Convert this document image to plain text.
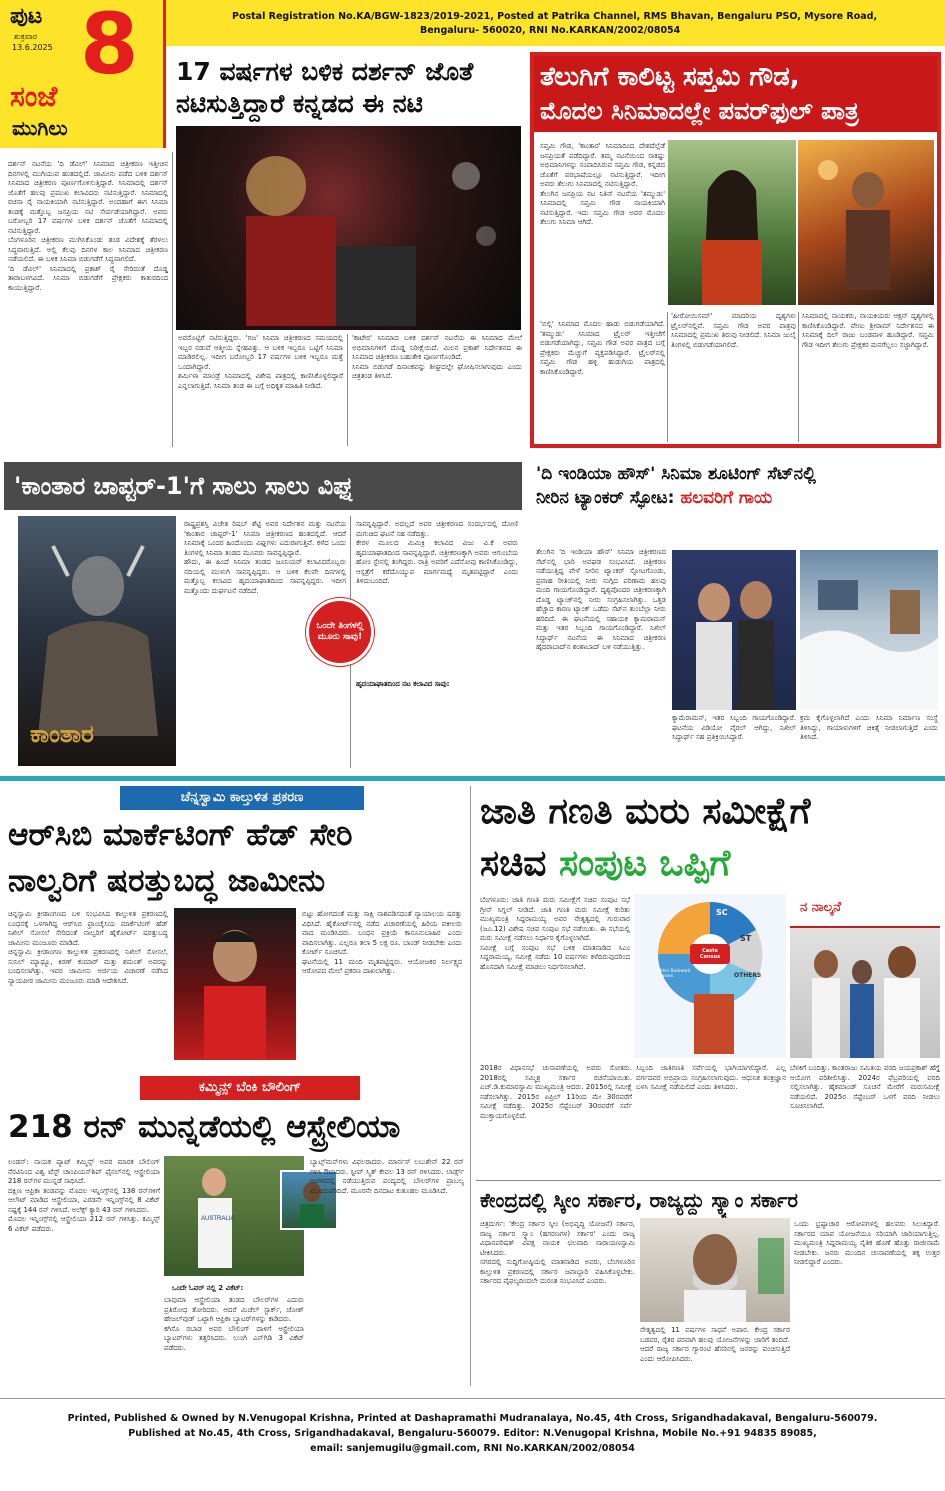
ಪುಟ
ಶುಕ್ರವಾರ
13.6.2025 8
ಸಂಜೆ
ಮುಗಿಲು
Postal Registration No.KA/BGW-1823/2019-2021, Posted at Patrika Channel, RMS Bhavan, Bengaluru PSO, Mysore Road,
Bengaluru- 560020, RNI No.KARKAN/2002/08054
17 ವರ್ಷಗಳ ಬಳಿಕ ದರ್ಶನ್ ಜೊತೆ
ನಟಿಸುತ್ತಿದ್ದಾರೆ ಕನ್ನಡದ ಈ ನಟಿ
ದರ್ಶನ್ ನಟನೆಯ 'ದಿ ಡೆವಿಲ್' ಸಿನಿಮಾದ ಚಿತ್ರೀಕರಣ ಇತ್ತೀಚಿನ ದಿನಗಳಲ್ಲಿ ಮುಗಿಯುವ ಹಂತದಲ್ಲಿದೆ. ಜಾಮೀನು ಪಡೆದ ಬಳಿಕ ದರ್ಶನ್ ಸಿನಿಮಾದ ಚಿತ್ರೀಕರಣ ಪೂರ್ಣಗೊಳಿಸುತ್ತಿದ್ದಾರೆ. ಸಿನಿಮಾದಲ್ಲಿ ದರ್ಶನ್ ಜೊತೆಗೆ ಹಲವು ಪ್ರಮುಖ ಕಲಾವಿದರು ನಟಿಸುತ್ತಿದ್ದಾರೆ. ಸಿನಿಮಾದಲ್ಲಿ ರಚನಾ ರೈ ನಾಯಕಿಯಾಗಿ ನಟಿಸುತ್ತಿದ್ದಾರೆ. ಅಂದಹಾಗೆ ಈಗ ಸಿನಿಮಾ ತಂಡಕ್ಕೆ ಮತ್ತೊಬ್ಬ ಜನಪ್ರಿಯ ನಟಿ ಸೇರ್ಪಡೆಯಾಗಿದ್ದಾರೆ. ಅವರು ಬರೋಬ್ಬರಿ 17 ವರ್ಷಗಳ ಬಳಿಕ ದರ್ಶನ್ ಜೊತೆಗೆ ಸಿನಿಮಾದಲ್ಲಿ ನಟಿಸುತ್ತಿದ್ದಾರೆ.
ಬೆಂಗಳೂರಿನ ಚಿತ್ರೀಕರಣ ಮುಗಿಸಿಕೊಂಡು ತಂಡ ವಿದೇಶಕ್ಕೆ ತೆರಳಲು ಸಿದ್ಧವಾಗುತ್ತಿದೆ. ಅಲ್ಲಿ ಕೆಲವು ದಿನಗಳ ಕಾಲ ಸಿನಿಮಾದ ಚಿತ್ರೀಕರಣ ನಡೆಯಲಿದೆ. ಈ ಬಳಿಕ ಸಿನಿಮಾ ಬಿಡುಗಡೆಗೆ ಸಿದ್ಧವಾಗಲಿದೆ.
'ದಿ ಡೆವಿಲ್' ಸಿನಿಮಾದಲ್ಲಿ ಪ್ರಕಾಶ್ ರೈ ಸೇರಿದಂತೆ ದೊಡ್ಡ ತಾರಾಬಳಗವಿದೆ. ಸಿನಿಮಾ ಬಿಡುಗಡೆಗೆ ಪ್ರೇಕ್ಷಕರು ಕಾತುರದಿಂದ ಕಾಯುತ್ತಿದ್ದಾರೆ.
ಅವರೊಟ್ಟಿಗೆ ನಟಿಸುತ್ತಿದ್ದರು. 'ಗಜ' ಸಿನಿಮಾ ಚಿತ್ರೀಕರಣದ ಸಮಯದಲ್ಲಿ ಇಬ್ಬರ ನಡುವೆ ಆತ್ಮೀಯ ಸ್ನೇಹವಿತ್ತು. ಆ ಬಳಿಕ ಇಬ್ಬರೂ ಒಟ್ಟಿಗೆ ಸಿನಿಮಾ ಮಾಡಿರಲಿಲ್ಲ. ಇದೀಗ ಬರೋಬ್ಬರಿ 17 ವರ್ಷಗಳ ಬಳಿಕ ಇಬ್ಬರೂ ಮತ್ತೆ ಒಂದಾಗಿದ್ದಾರೆ.
ಶರ್ಮಿಳಾ ಮಾಂಡ್ರೆ ಸಿನಿಮಾದಲ್ಲಿ ವಿಶೇಷ ಪಾತ್ರದಲ್ಲಿ ಕಾಣಿಸಿಕೊಳ್ಳಲಿದ್ದಾರೆ ಎನ್ನಲಾಗುತ್ತಿದೆ. ಸಿನಿಮಾ ತಂಡ ಈ ಬಗ್ಗೆ ಅಧಿಕೃತ ಮಾಹಿತಿ ನೀಡಿದೆ.
'ಕಾಟೇರ' ಸಿನಿಮಾದ ಬಳಿಕ ದರ್ಶನ್ ನಟನೆಯ ಈ ಸಿನಿಮಾದ ಮೇಲೆ ಅಭಿಮಾನಿಗಳಿಗೆ ದೊಡ್ಡ ನಿರೀಕ್ಷೆಯಿದೆ. ಮಿಲನ ಪ್ರಕಾಶ್ ನಿರ್ದೇಶನದ ಈ ಸಿನಿಮಾದ ಚಿತ್ರೀಕರಣ ಬಹುತೇಕ ಪೂರ್ಣಗೊಂಡಿದೆ.
ಸಿನಿಮಾ ಬಿಡುಗಡೆ ದಿನಾಂಕವನ್ನು ಶೀಘ್ರದಲ್ಲೇ ಘೋಷಿಸಲಾಗುವುದು ಎಂದು ಚಿತ್ರತಂಡ ತಿಳಿಸಿದೆ.
ತೆಲುಗಿಗೆ ಕಾಲಿಟ್ಟ ಸಪ್ತಮಿ ಗೌಡ,
ಮೊದಲ ಸಿನಿಮಾದಲ್ಲೇ ಪವರ್‌ಫುಲ್ ಪಾತ್ರ
ಸಪ್ತಮಿ ಗೌಡ, 'ಕಾಂತಾರ' ಸಿನಿಮಾದಿಂದ ದೇಶದೆಲ್ಲೆಡೆ ಜನಪ್ರಿಯತೆ ಪಡೆದಿದ್ದಾರೆ. ತಮ್ಮ ನಟನೆಯಿಂದ ಸಾಕಷ್ಟು ಅಭಿಮಾನಿಗಳನ್ನು ಸಂಪಾದಿಸಿರುವ ಸಪ್ತಮಿ ಗೌಡ, ಕನ್ನಡದ ಜೊತೆಗೆ ಪರಭಾಷೆಯಲ್ಲೂ ನಟಿಸುತ್ತಿದ್ದಾರೆ. ಇದೀಗ ಅವರು ತೆಲುಗು ಸಿನಿಮಾದಲ್ಲಿ ನಟಿಸುತ್ತಿದ್ದಾರೆ.
ತೆಲುಗಿನ ಜನಪ್ರಿಯ ನಟ ನಿತಿನ್ ನಟನೆಯ 'ತಮ್ಮುಡು' ಸಿನಿಮಾದಲ್ಲಿ ಸಪ್ತಮಿ ಗೌಡ ನಾಯಕಿಯಾಗಿ ನಟಿಸುತ್ತಿದ್ದಾರೆ. ಇದು ಸಪ್ತಮಿ ಗೌಡ ಅವರ ಮೊದಲ ತೆಲುಗು ಸಿನಿಮಾ ಆಗಿದೆ.
'ಬಿಲ್ಲಿ' ಸಿನಿಮಾದ ಮೊದಲ ಹಾಡು ಬಿಡುಗಡೆಯಾಗಿದೆ. 'ತಮ್ಮುಡು' ಸಿನಿಮಾದ ಟ್ರೈಲರ್ ಇತ್ತೀಚೆಗೆ ಬಿಡುಗಡೆಯಾಗಿದ್ದು, ಸಪ್ತಮಿ ಗೌಡ ಅವರ ಪಾತ್ರದ ಬಗ್ಗೆ ಪ್ರೇಕ್ಷಕರು ಮೆಚ್ಚುಗೆ ವ್ಯಕ್ತಪಡಿಸಿದ್ದಾರೆ. ಟ್ರೈಲರ್‌ನಲ್ಲಿ ಸಪ್ತಮಿ ಗೌಡ ಹಳ್ಳಿ ಹುಡುಗಿಯ ಪಾತ್ರದಲ್ಲಿ ಕಾಣಿಸಿಕೊಂಡಿದ್ದಾರೆ.
'ಹೀರೋಯಿಸಮ್' ಮಾದರಿಯ ದೃಶ್ಯಗಳು ಟ್ರೈಲರ್‌ನಲ್ಲಿವೆ. ಸಪ್ತಮಿ ಗೌಡ ಅವರ ಪಾತ್ರವು ಸಿನಿಮಾದಲ್ಲಿ ಪ್ರಮುಖ ತಿರುವು ನೀಡಲಿದೆ. ಸಿನಿಮಾ ಜುಲೈ ತಿಂಗಳಲ್ಲಿ ಬಿಡುಗಡೆಯಾಗಲಿದೆ.
ಸಿನಿಮಾದಲ್ಲಿ ನಾಯಕರು, ನಾಯಕಿಯರು ಆಕ್ಷನ್ ದೃಶ್ಯಗಳಲ್ಲಿ ಕಾಣಿಸಿಕೊಂಡಿದ್ದಾರೆ. ವೇಣು ಶ್ರೀರಾಮ್ ನಿರ್ದೇಶನದ ಈ ಸಿನಿಮಾಕ್ಕೆ ದಿಲ್ ರಾಜು ಬಂಡವಾಳ ಹೂಡಿದ್ದಾರೆ. ಸಪ್ತಮಿ ಗೌಡ ಇದೀಗ ತೆಲುಗು ಪ್ರೇಕ್ಷಕರ ಮನಗೆಲ್ಲಲು ಸಜ್ಜಾಗಿದ್ದಾರೆ.
'ಕಾಂತಾರ ಚಾಪ್ಟರ್-1'ಗೆ ಸಾಲು ಸಾಲು ವಿಘ್ನ
ಕಾಂತಾರ
ರಾಷ್ಟ್ರಪ್ರಶಸ್ತಿ ವಿಜೇತ ರಿಷಬ್ ಶೆಟ್ಟಿ ಅವರ ನಿರ್ದೇಶನ ಮತ್ತು ನಟನೆಯ 'ಕಾಂತಾರ ಚಾಪ್ಟರ್-1' ಸಿನಿಮಾ ಚಿತ್ರೀಕರಣದ ಹಂತದಲ್ಲಿದೆ. ಆದರೆ ಸಿನಿಮಾಕ್ಕೆ ಒಂದರ ಹಿಂದೊಂದು ವಿಘ್ನಗಳು ಎದುರಾಗುತ್ತಿವೆ. ಕಳೆದ ಒಂದು ತಿಂಗಳಲ್ಲಿ ಸಿನಿಮಾ ತಂಡದ ಮೂವರು ಸಾವನ್ನಪ್ಪಿದ್ದಾರೆ.
ಹೌದು, ಈ ಹಿಂದೆ ಸಿನಿಮಾ ತಂಡದ ಜೂನಿಯರ್ ಕಲಾವಿದರೊಬ್ಬರು ನದಿಯಲ್ಲಿ ಮುಳುಗಿ ಸಾವನ್ನಪ್ಪಿದ್ದರು. ಆ ಬಳಿಕ ಕೆಲವೇ ದಿನಗಳಲ್ಲಿ ಮತ್ತೊಬ್ಬ ಕಲಾವಿದ ಹೃದಯಾಘಾತದಿಂದ ಸಾವನ್ನಪ್ಪಿದ್ದರು. ಇದೀಗ ಮತ್ತೊಂದು ದುರ್ಘಟನೆ ನಡೆದಿದೆ.
ಒಂದೇ ತಿಂಗಳಲ್ಲಿ ಮೂರು ಸಾವು!
ಸಾವನ್ನಪ್ಪಿದ್ದಾರೆ. ಅದಲ್ಲದೆ ಅವರ ಚಿತ್ರೀಕರಣದ ಸಂದರ್ಭದಲ್ಲಿ ದೋಣಿ ಮಗುಚಿದ ಘಟನೆ ಸಹ ನಡೆದಿತ್ತು.
ಕೇರಳ ಮೂಲದ ಮಿಮಿಕ್ರಿ ಕಲಾವಿದ ವಿಜು ವಿ.ಕೆ ಅವರು ಹೃದಯಾಘಾತದಿಂದ ಸಾವನ್ನಪ್ಪಿದ್ದಾರೆ. ಚಿತ್ರೀಕರಣಕ್ಕಾಗಿ ಅವರು ಆಗುಂಬೆಯ ಹೋಂ ಸ್ಟೇನಲ್ಲಿ ತಂಗಿದ್ದರು. ರಾತ್ರಿ ಅವರಿಗೆ ಎದೆನೋವು ಕಾಣಿಸಿಕೊಂಡಿದ್ದು, ಆಸ್ಪತ್ರೆಗೆ ಕರೆದೊಯ್ಯುವ ಮಾರ್ಗಮಧ್ಯೆ ಮೃತಪಟ್ಟಿದ್ದಾರೆ ಎಂದು ತಿಳಿದುಬಂದಿದೆ.
ಹೃದಯಾಘಾತದಿಂದ ನಟ ಕಲಾವಿದ ಸಾವು:
'ದಿ ಇಂಡಿಯಾ ಹೌಸ್' ಸಿನಿಮಾ ಶೂಟಿಂಗ್ ಸೆಟ್‌ನಲ್ಲಿ
ನೀರಿನ ಟ್ಯಾಂಕರ್ ಸ್ಫೋಟ: ಹಲವರಿಗೆ ಗಾಯ
ತೆಲುಗಿನ 'ದಿ ಇಂಡಿಯಾ ಹೌಸ್' ಸಿನಿಮಾ ಚಿತ್ರೀಕರಣದ ಸೆಟ್‌ನಲ್ಲಿ ಭಾರಿ ಅವಘಡ ಸಂಭವಿಸಿದೆ. ಚಿತ್ರೀಕರಣ ನಡೆಯುತ್ತಿದ್ದ ವೇಳೆ ನೀರಿನ ಟ್ಯಾಂಕರ್ ಸ್ಫೋಟಗೊಂಡು, ಪ್ರವಾಹ ರೀತಿಯಲ್ಲಿ ನೀರು ನುಗ್ಗಿದ ಪರಿಣಾಮ ಹಲವು ಮಂದಿ ಗಾಯಗೊಂಡಿದ್ದಾರೆ. ದೃಶ್ಯವೊಂದರ ಚಿತ್ರೀಕರಣಕ್ಕಾಗಿ ದೊಡ್ಡ ಟ್ಯಾಂಕ್‌ನಲ್ಲಿ ನೀರು ಸಂಗ್ರಹಿಸಲಾಗಿತ್ತು. ಒತ್ತಡ ಹೆಚ್ಚಾದ ಕಾರಣ ಟ್ಯಾಂಕ್ ಒಡೆದು ಸೆಟ್‌ನ ತುಂಬೆಲ್ಲಾ ನೀರು ಹರಿದಿದೆ. ಈ ಘಟನೆಯಲ್ಲಿ ಸಹಾಯಕ ಕ್ಯಾಮರಾಮನ್ ಮತ್ತು ಇತರ ಸಿಬ್ಬಂದಿ ಗಾಯಗೊಂಡಿದ್ದಾರೆ. ನಿಖಿಲ್ ಸಿದ್ಧಾರ್ಥ್ ನಟನೆಯ ಈ ಸಿನಿಮಾದ ಚಿತ್ರೀಕರಣ ಹೈದರಾಬಾದ್‌ನ ಶಂಶಾಬಾದ್ ಬಳಿ ನಡೆಯುತ್ತಿತ್ತು.
ಕ್ಯಾಮೆರಾಮನ್, ಇತರ ಸಿಬ್ಬಂದಿ ಗಾಯಗೊಂಡಿದ್ದಾರೆ. ಘಟನೆಯ ವಿಡಿಯೋ ವೈರಲ್ ಆಗಿದ್ದು, ನಿಖಿಲ್ ಸಿದ್ಧಾರ್ಥ್ ಸಹ ಪ್ರತಿಕ್ರಿಯಿಸಿದ್ದಾರೆ.
ಕ್ರಮ ಕೈಗೊಳ್ಳಲಾಗಿದೆ ಎಂದು ಸಿನಿಮಾ ನಿರ್ಮಾಣ ಸಂಸ್ಥೆ ತಿಳಿಸಿದ್ದು, ಗಾಯಾಳುಗಳಿಗೆ ಚಿಕಿತ್ಸೆ ನೀಡಲಾಗುತ್ತಿದೆ ಎಂದು ತಿಳಿಸಿದೆ.
ಚೆನ್ನಸ್ವಾಮಿ ಕಾಲ್ತುಳಿತ ಪ್ರಕರಣ
ಆರ್‌ಸಿಬಿ ಮಾರ್ಕೆಟಿಂಗ್ ಹೆಡ್ ಸೇರಿ
ನಾಲ್ವರಿಗೆ ಷರತ್ತುಬದ್ಧ ಜಾಮೀನು
ಚಿನ್ನಸ್ವಾಮಿ ಕ್ರೀಡಾಂಗಣದ ಬಳಿ ಸಂಭವಿಸಿದ ಕಾಲ್ತುಳಿತ ಪ್ರಕರಣದಲ್ಲಿ ಬಂಧನಕ್ಕೆ ಒಳಗಾಗಿದ್ದ ಆರ್‌ಸಿಬಿ ಫ್ರಾಂಚೈಸಿಯ ಮಾರ್ಕೆಟಿಂಗ್ ಹೆಡ್ ನಿಖಿಲ್ ಸೋಸಲೆ ಸೇರಿದಂತೆ ನಾಲ್ವರಿಗೆ ಹೈಕೋರ್ಟ್ ಷರತ್ತುಬದ್ಧ ಜಾಮೀನು ಮಂಜೂರು ಮಾಡಿದೆ.
ಚಿನ್ನಸ್ವಾಮಿ ಕ್ರೀಡಾಂಗಣ ಕಾಲ್ತುಳಿತ ಪ್ರಕರಣದಲ್ಲಿ ನಿಖಿಲ್ ಸೋಸಲೆ, ಸುನಿಲ್ ಮ್ಯಾಥ್ಯೂ, ಕಿರಣ್ ಕುಮಾರ್ ಮತ್ತು ಶಮಂತ್ ಅವರನ್ನು ಬಂಧಿಸಲಾಗಿತ್ತು. ಇವರ ಜಾಮೀನು ಅರ್ಜಿಯ ವಿಚಾರಣೆ ನಡೆಸಿದ ನ್ಯಾಯಪೀಠ ಜಾಮೀನು ಮಂಜೂರು ಮಾಡಿ ಆದೇಶಿಸಿದೆ.
ಬಿಟ್ಟು ಹೋಗದಂತೆ ಮತ್ತು ಸಾಕ್ಷಿ ನಾಶಪಡಿಸದಂತೆ ನ್ಯಾಯಾಲಯ ಷರತ್ತು ವಿಧಿಸಿದೆ. ಹೈಕೋರ್ಟ್‌ನಲ್ಲಿ ನಡೆದ ವಿಚಾರಣೆಯಲ್ಲಿ ಹಿರಿಯ ವಕೀಲರು ವಾದ ಮಂಡಿಸಿದರು. ಬಂಧನ ಪ್ರಕ್ರಿಯೆ ಕಾನೂನುಬಾಹಿರ ಎಂದು ವಾದಿಸಲಾಗಿತ್ತು. ಎಲ್ಲರೂ ತಲಾ 5 ಲಕ್ಷ ರೂ. ಬಾಂಡ್ ನೀಡಬೇಕು ಎಂದು ಕೋರ್ಟ್ ಸೂಚಿಸಿದೆ.
ಘಟನೆಯಲ್ಲಿ 11 ಮಂದಿ ಮೃತಪಟ್ಟಿದ್ದರು. ಆಯೋಜಕರ ನಿರ್ಲಕ್ಷ್ಯದ ಆರೋಪದ ಮೇಲೆ ಪ್ರಕರಣ ದಾಖಲಾಗಿತ್ತು.
ಕಮ್ಮಿನ್ಸ್ ಬೆಂಕಿ ಬೌಲಿಂಗ್
218 ರನ್ ಮುನ್ನಡೆಯಲ್ಲಿ ಆಸ್ಟ್ರೇಲಿಯಾ
ಲಂಡನ್: ನಾಯಕ ಪ್ಯಾಟ್ ಕಮ್ಮಿನ್ಸ್ ಅವರ ಮಾರಕ ಬೌಲಿಂಗ್ ನೆರವಿನಿಂದ ವಿಶ್ವ ಟೆಸ್ಟ್ ಚಾಂಪಿಯನ್‌ಶಿಪ್ ಫೈನಲ್‌ನಲ್ಲಿ ಆಸ್ಟ್ರೇಲಿಯಾ 218 ರನ್‌ಗಳ ಮುನ್ನಡೆ ಸಾಧಿಸಿದೆ.
ದಕ್ಷಿಣ ಆಫ್ರಿಕಾ ತಂಡವನ್ನು ಮೊದಲ ಇನ್ನಿಂಗ್ಸ್‌ನಲ್ಲಿ 138 ರನ್‌ಗಳಿಗೆ ಆಲೌಟ್ ಮಾಡಿದ ಆಸ್ಟ್ರೇಲಿಯಾ, ಎರಡನೇ ಇನ್ನಿಂಗ್ಸ್‌ನಲ್ಲಿ 8 ವಿಕೆಟ್ ನಷ್ಟಕ್ಕೆ 144 ರನ್ ಗಳಿಸಿದೆ. ಅಲೆಕ್ಸ್ ಕ್ಯಾರಿ 43 ರನ್ ಗಳಿಸಿದರು.
ಮೊದಲ ಇನ್ನಿಂಗ್ಸ್‌ನಲ್ಲಿ ಆಸ್ಟ್ರೇಲಿಯಾ 212 ರನ್ ಗಳಿಸಿತ್ತು. ಕಮ್ಮಿನ್ಸ್ 6 ವಿಕೆಟ್ ಪಡೆದರು.
AUSTRALIA
ಒಂದೇ ಓವರ್ ನಲ್ಲಿ 2 ವಿಕೆಟ್:
ಬಾವುಮಾ ಆಸ್ಟ್ರೇಲಿಯಾ ತಂಡದ ಬೌಲರ್‌ಗಳ ಎದುರು ಪ್ರತಿರೋಧ ತೋರಿದರು. ಆದರೆ ಮಿಚೆಲ್ ಸ್ಟಾರ್ಕ್, ಜೋಶ್ ಹೇಜಲ್‌ವುಡ್ ಒಟ್ಟಾಗಿ ಆಫ್ರಿಕಾ ಬ್ಯಾಟರ್‌ಗಳನ್ನು ಕಾಡಿದರು.
ಕಗಿಸೊ ರಬಾಡ ಅವರ ಬೌಲಿಂಗ್ ದಾಳಿಗೆ ಆಸ್ಟ್ರೇಲಿಯಾ ಬ್ಯಾಟರ್‌ಗಳು ತತ್ತರಿಸಿದರು. ಲುಂಗಿ ಎನ್‌ಗಿಡಿ 3 ವಿಕೆಟ್ ಪಡೆದರು.
ಬ್ಯಾಟ್ಸ್‌ಮನ್‌ಗಳು ವಿಫಲರಾದರು. ಮಾರ್ನಸ್ ಲಬುಶೇನ್ 22 ರನ್ ಗಳಿಸಿ ಔಟಾದರು. ಸ್ಟೀವ್ ಸ್ಮಿತ್ ಕೇವಲ 13 ರನ್ ಗಳಿಸಿದರು. ಲಾರ್ಡ್ಸ್ ಅಂಗಳದಲ್ಲಿ ನಡೆಯುತ್ತಿರುವ ಪಂದ್ಯದಲ್ಲಿ ಬೌಲರ್‌ಗಳ ಪ್ರಾಬಲ್ಯ ಮುಂದುವರಿದಿದೆ. ಮೂರನೇ ದಿನದಾಟ ಕುತೂಹಲ ಮೂಡಿಸಿದೆ.
ಜಾತಿ ಗಣತಿ ಮರು ಸಮೀಕ್ಷೆಗೆ
ಸಚಿವ ಸಂಪುಟ ಒಪ್ಪಿಗೆ
ಬೆಂಗಳೂರು: ಜಾತಿ ಗಣತಿ ಮರು ಸಮೀಕ್ಷೆಗೆ ಸಚಿವ ಸಂಪುಟ ಸಭೆ ಗ್ರೀನ್ ಸಿಗ್ನಲ್ ನೀಡಿದೆ. ಜಾತಿ ಗಣತಿ ಮರು ಸಮೀಕ್ಷೆ ಕುರಿತು ಮುಖ್ಯಮಂತ್ರಿ ಸಿದ್ದರಾಮಯ್ಯ ಅವರ ನೇತೃತ್ವದಲ್ಲಿ ಗುರುವಾರ (ಜೂ.12) ವಿಶೇಷ ಸಚಿವ ಸಂಪುಟ ಸಭೆ ನಡೆಯಿತು. ಈ ಸಭೆಯಲ್ಲಿ ಮರು ಸಮೀಕ್ಷೆ ನಡೆಸಲು ನಿರ್ಧಾರ ಕೈಗೊಳ್ಳಲಾಗಿದೆ.
ಸಮೀಕ್ಷೆ ಬಗ್ಗೆ ಸಂಪುಟ ಸಭೆ ಬಳಿಕ ಮಾತನಾಡಿದ ಸಿಎಂ ಸಿದ್ದರಾಮಯ್ಯ, ಸಮೀಕ್ಷೆ ನಡೆದು 10 ವರ್ಷಗಳು ಕಳೆದಿರುವುದರಿಂದ ಹೊಸದಾಗಿ ಸಮೀಕ್ಷೆ ಮಾಡಲು ನಿರ್ಧರಿಸಲಾಗಿದೆ.
SC
ST
OTHERS
Other Backward Classes
Caste Census
ನ ನಾಲ್ಕನೆ
2018ರ ವಿಧಾನಸಭೆ ಚುನಾವಣೆಯಲ್ಲಿ ಅವರು ಸೋತರು. 2018ರಲ್ಲಿ ಸಮ್ಮಿಶ್ರ ಸರ್ಕಾರ ರಚನೆಯಾಯಿತು. ಎಚ್.ಡಿ.ಕುಮಾರಸ್ವಾಮಿ ಮುಖ್ಯಮಂತ್ರಿ ಆದರು. 2015ರಲ್ಲಿ ಸಮೀಕ್ಷೆ ನಡೆಸಲಾಗಿತ್ತು. 2015ರ ಏಪ್ರಿಲ್ 11ರಿಂದ ಮೇ 30ರವರೆಗೆ ಸಮೀಕ್ಷೆ ನಡೆದಿತ್ತು. 2025ರ ಸೆಪ್ಟೆಂಬರ್ 30ರವರೆಗೆ ಸರ್ವೆ ಮುಕ್ತಾಯಗೊಳ್ಳಲಿದೆ.
ಸಿಬ್ಬಂದಿ ಜಾತಿಗಣತಿ ಸರ್ವೆಯಲ್ಲಿ ಭಾಗಿಯಾಗಲಿದ್ದಾರೆ. ಎಲ್ಲ ವರ್ಗದವರ ಅಭಿಪ್ರಾಯ ಸಂಗ್ರಹಿಸಲಾಗುವುದು. ಆಧುನಿಕ ತಂತ್ರಜ್ಞಾನ ಬಳಸಿ ಸಮೀಕ್ಷೆ ನಡೆಯಲಿದೆ ಎಂದು ತಿಳಿಸಿದರು.
ಬೆಳಕಿಗೆ ಬಂದಿತ್ತು. ಕಾಂತರಾಜು ಸಮಿತಿಯ ವರದಿ ಜಯಪ್ರಕಾಶ್ ಹೆಗ್ಡೆ ಆಯೋಗ ಪರಿಶೀಲಿಸಿತ್ತು. 2024ರ ಫೆಬ್ರವರಿಯಲ್ಲಿ ವರದಿ ಸಲ್ಲಿಸಲಾಗಿತ್ತು. ಹೈಕಮಾಂಡ್ ಸೂಚನೆ ಮೇರೆಗೆ ಮರುಸಮೀಕ್ಷೆ ನಡೆಯಲಿದೆ. 2025ರ ಸೆಪ್ಟೆಂಬರ್ ಒಳಗೆ ವರದಿ ನೀಡಲು ಸೂಚಿಸಲಾಗಿದೆ.
ಕೇಂದ್ರದಲ್ಲಿ ಸ್ಕೀಂ ಸರ್ಕಾರ, ರಾಜ್ಯದ್ದು ಸ್ಕ್ಯಾಂ ಸರ್ಕಾರ
ಚಿತ್ರದುರ್ಗ: 'ಕೇಂದ್ರ ಸರ್ಕಾರ ಸ್ಕೀಂ (ಅಭಿವೃದ್ಧಿ ಯೋಜನೆ) ಸರ್ಕಾರ, ರಾಜ್ಯ ಸರ್ಕಾರ ಸ್ಕ್ಯಾಂ (ಹಗರಣಗಳ) ಸರ್ಕಾರ' ಎಂದು ರಾಜ್ಯ ವಿಧಾನಪರಿಷತ್ ವಿಪಕ್ಷ ನಾಯಕ ಛಲವಾದಿ ನಾರಾಯಣಸ್ವಾಮಿ ಟೀಕಿಸಿದರು.
ನಗರದಲ್ಲಿ ಸುದ್ದಿಗೋಷ್ಠಿಯಲ್ಲಿ ಮಾತನಾಡಿದ ಅವರು, ಬೆಂಗಳೂರಿನ ಕಾಲ್ತುಳಿತ ಪ್ರಕರಣದಲ್ಲಿ ಸರ್ಕಾರ ಜವಾಬ್ದಾರಿ ವಹಿಸಿಕೊಳ್ಳಬೇಕು. ಸರ್ಕಾರದ ವೈಫಲ್ಯದಿಂದಲೇ ದುರಂತ ಸಂಭವಿಸಿದೆ ಎಂದರು.
ನೇತೃತ್ವದಲ್ಲಿ 11 ವರ್ಷಗಳ ಸಾಧನೆ ಅಪಾರ. ಕೇಂದ್ರ ಸರ್ಕಾರ ಬಡವರ, ರೈತರ ಪರವಾಗಿ ಹಲವು ಯೋಜನೆಗಳನ್ನು ಜಾರಿಗೆ ತಂದಿದೆ. ಆದರೆ ರಾಜ್ಯ ಸರ್ಕಾರ ಗ್ಯಾರಂಟಿ ಹೆಸರಿನಲ್ಲಿ ಜನರನ್ನು ವಂಚಿಸುತ್ತಿದೆ ಎಂದು ಆರೋಪಿಸಿದರು.
ಒಂದು ಭ್ರಷ್ಟಾಚಾರ ಆರೋಪಗಳಲ್ಲಿ ಹಲವರು ಸಿಲುಕಿದ್ದಾರೆ. ಸರ್ಕಾರದ ಯಾವ ಯೋಜನೆಯೂ ಸರಿಯಾಗಿ ಜಾರಿಯಾಗುತ್ತಿಲ್ಲ. ಮುಖ್ಯಮಂತ್ರಿ ಸಿದ್ದರಾಮಯ್ಯ ನೈತಿಕ ಹೊಣೆ ಹೊತ್ತು ರಾಜೀನಾಮೆ ನೀಡಬೇಕು. ಜನರು ಮುಂದಿನ ಚುನಾವಣೆಯಲ್ಲಿ ತಕ್ಕ ಉತ್ತರ ನೀಡಲಿದ್ದಾರೆ ಎಂದರು.
Printed, Published & Owned by N.Venugopal Krishna, Printed at Dashapramathi Mudranalaya, No.45, 4th Cross, Srigandhadakaval, Bengaluru-560079.
Published at No.45, 4th Cross, Srigandhadakaval, Bengaluru-560079. Editor: N.Venugopal Krishna, Mobile No.+91 94835 89085,
email: sanjemugilu@gmail.com, RNI No.KARKAN/2002/08054
